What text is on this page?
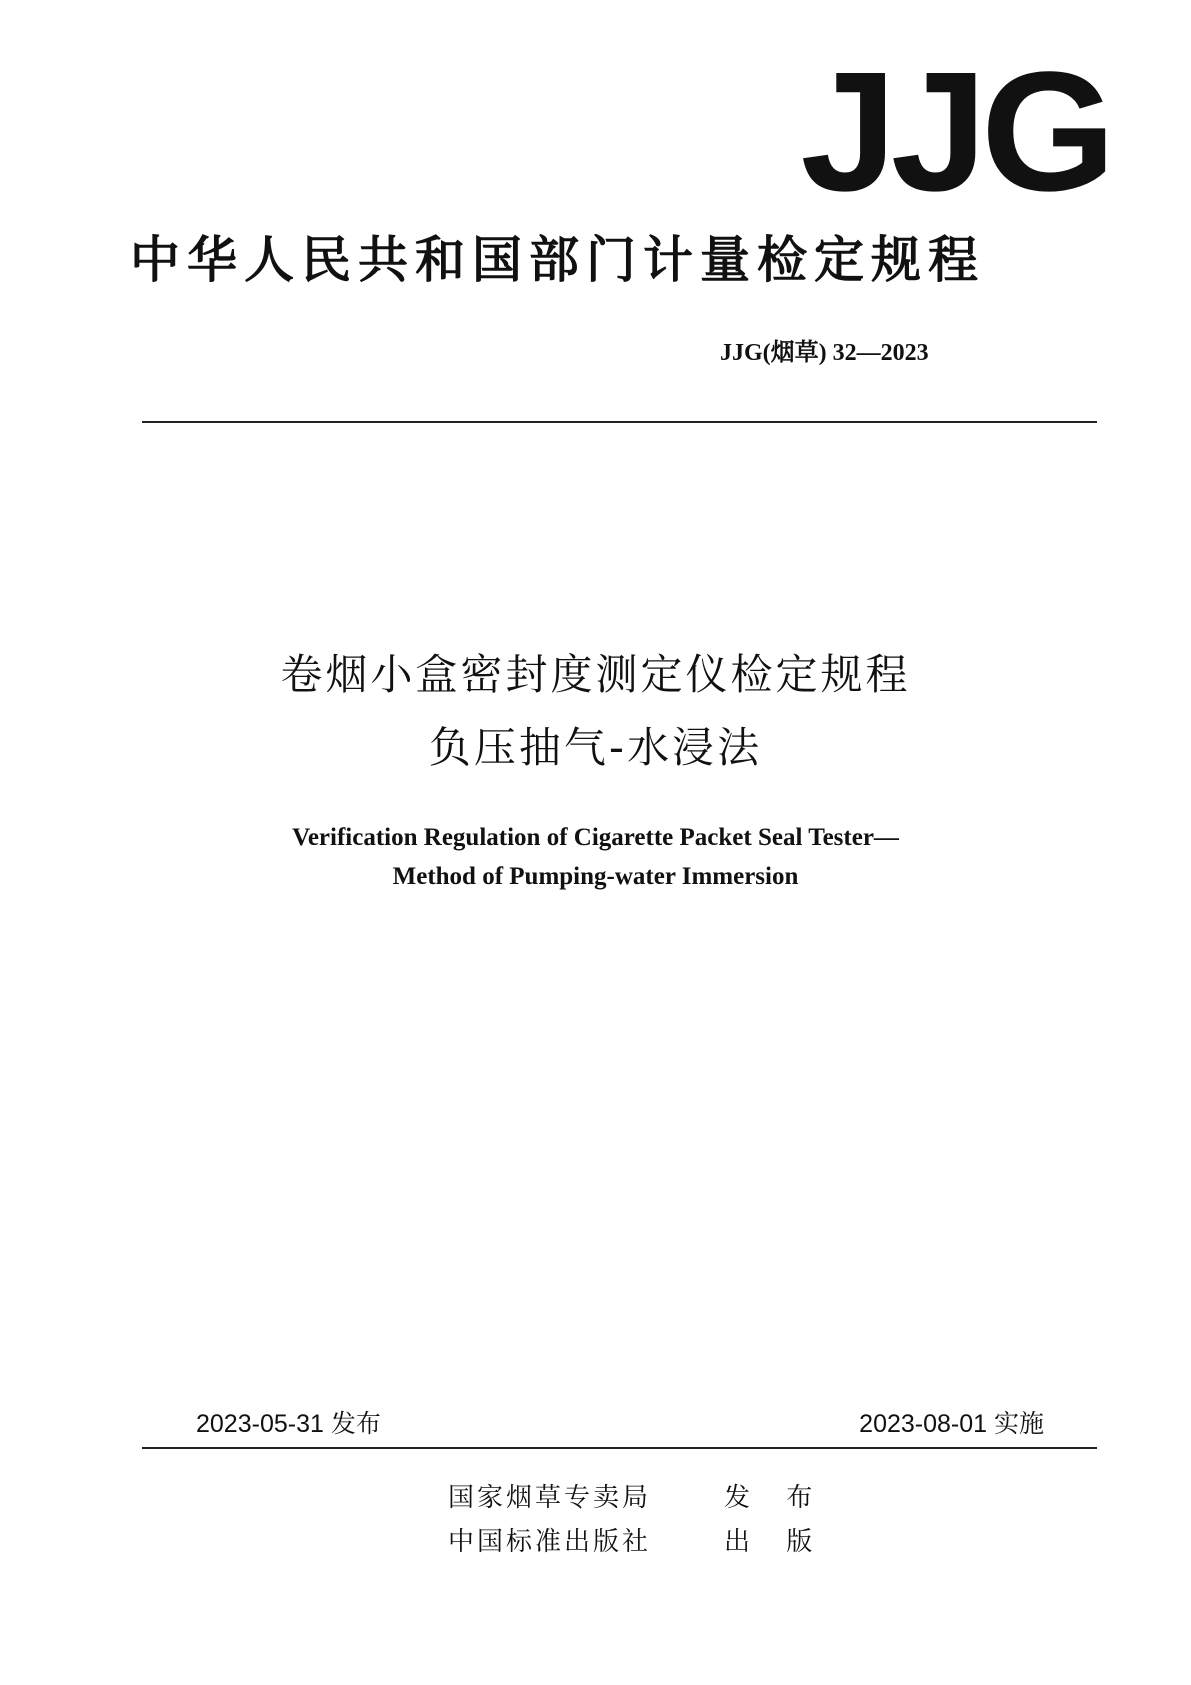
JJG
中华人民共和国部门计量检定规程
JJG(烟草) 32—2023
卷烟小盒密封度测定仪检定规程
负压抽气-水浸法
Verification Regulation of Cigarette Packet Seal Tester—
Method of Pumping-water Immersion
2023-05-31 发布	2023-08-01 实施
国家烟草专卖局	发 布
中国标准出版社	出 版
